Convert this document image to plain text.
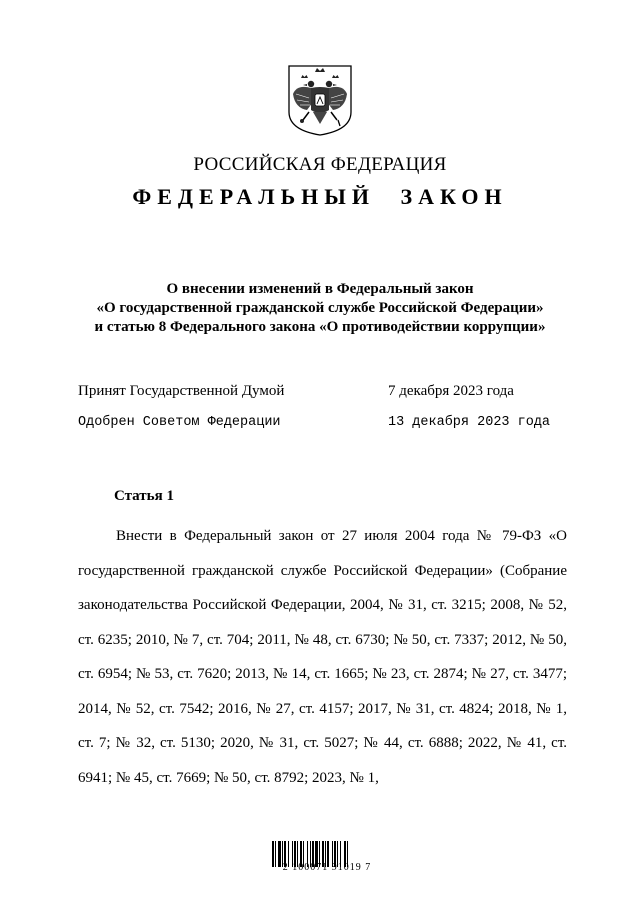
РОССИЙСКАЯ ФЕДЕРАЦИЯ
ФЕДЕРАЛЬНЫЙ ЗАКОН
О внесении изменений в Федеральный закон
«О государственной гражданской службе Российской Федерации»
и статью 8 Федерального закона «О противодействии коррупции»
Принят Государственной Думой	7 декабря 2023 года
Одобрен Советом Федерации	13 декабря 2023 года
Статья 1
Внести в Федеральный закон от 27 июля 2004 года № 79-ФЗ «О государственной гражданской службе Российской Федерации» (Собрание законодательства Российской Федерации, 2004, № 31, ст. 3215; 2008, № 52, ст. 6235; 2010, № 7, ст. 704; 2011, № 48, ст. 6730; № 50, ст. 7337; 2012, № 50, ст. 6954; № 53, ст. 7620; 2013, № 14, ст. 1665; № 23, ст. 2874; № 27, ст. 3477; 2014, № 52, ст. 7542; 2016, № 27, ст. 4157; 2017, № 31, ст. 4824; 2018, № 1, ст. 7; № 32, ст. 5130; 2020, № 31, ст. 5027; № 44, ст. 6888; 2022, № 41, ст. 6941; № 45, ст. 7669; № 50, ст. 8792; 2023, № 1,
2 100071 91019 7
